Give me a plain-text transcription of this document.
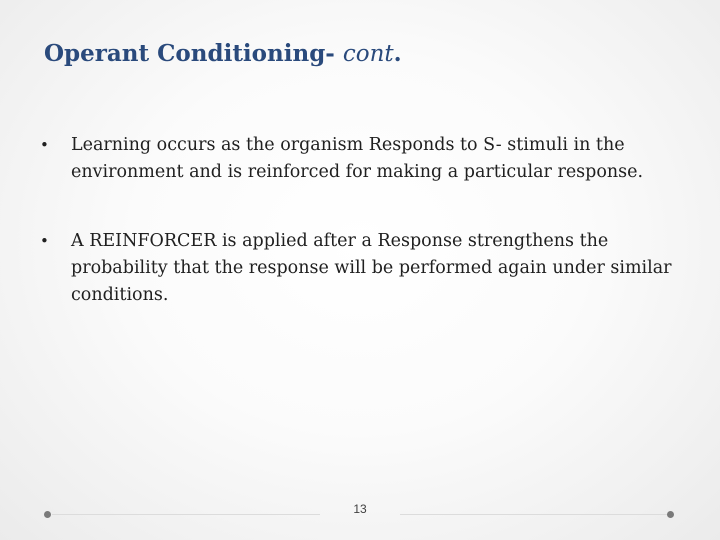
Operant Conditioning- cont.
• Learning occurs as the organism Responds to S- stimuli in the environment and is reinforced for making a particular response.
• A REINFORCER is applied after a Response strengthens the probability that the response will be performed again under similar conditions.
13
